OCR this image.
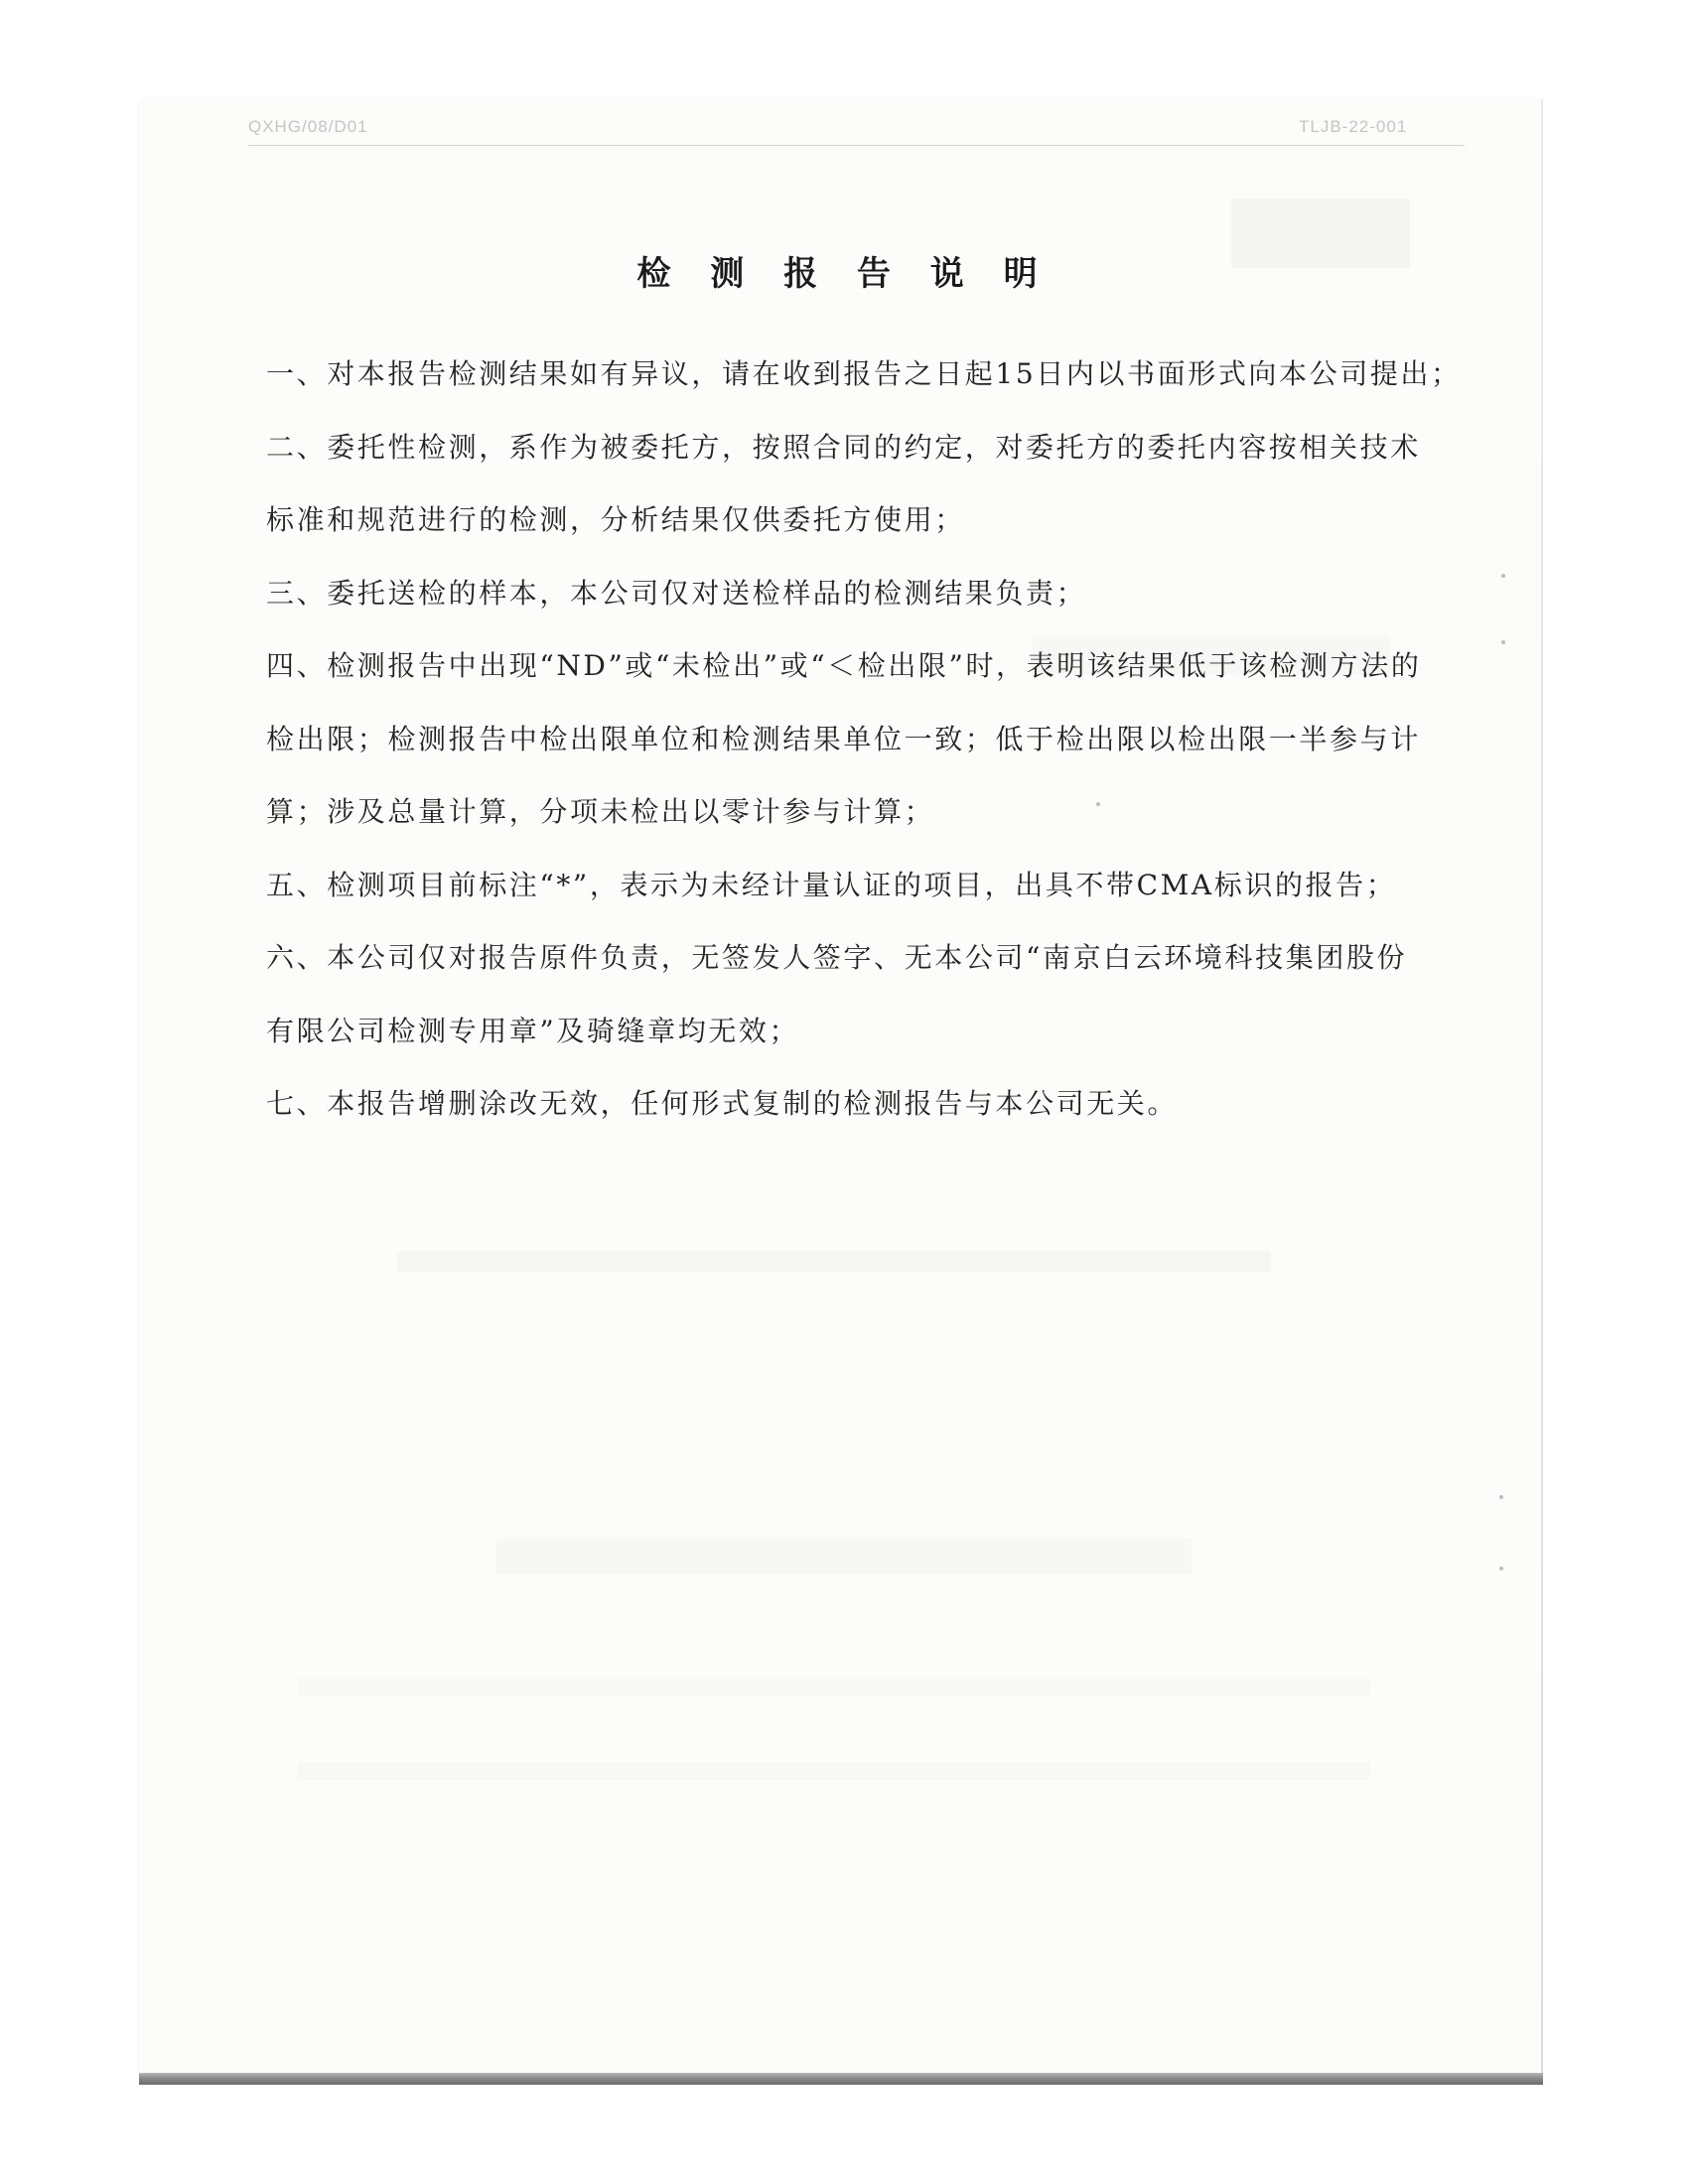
QXHG/08/D01	TLJB-22-001
检 测 报 告 说 明

一、对本报告检测结果如有异议，请在收到报告之日起15日内以书面形式向本公司提出；

二、委托性检测，系作为被委托方，按照合同的约定，对委托方的委托内容按相关技术标准和规范进行的检测，分析结果仅供委托方使用；

三、委托送检的样本，本公司仅对送检样品的检测结果负责；

四、检测报告中出现“ND”或“未检出”或“＜检出限”时，表明该结果低于该检测方法的检出限；检测报告中检出限单位和检测结果单位一致；低于检出限以检出限一半参与计算；涉及总量计算，分项未检出以零计参与计算；

五、检测项目前标注“*”，表示为未经计量认证的项目，出具不带CMA标识的报告；

六、本公司仅对报告原件负责，无签发人签字、无本公司“南京白云环境科技集团股份有限公司检测专用章”及骑缝章均无效；

七、本报告增删涂改无效，任何形式复制的检测报告与本公司无关。
